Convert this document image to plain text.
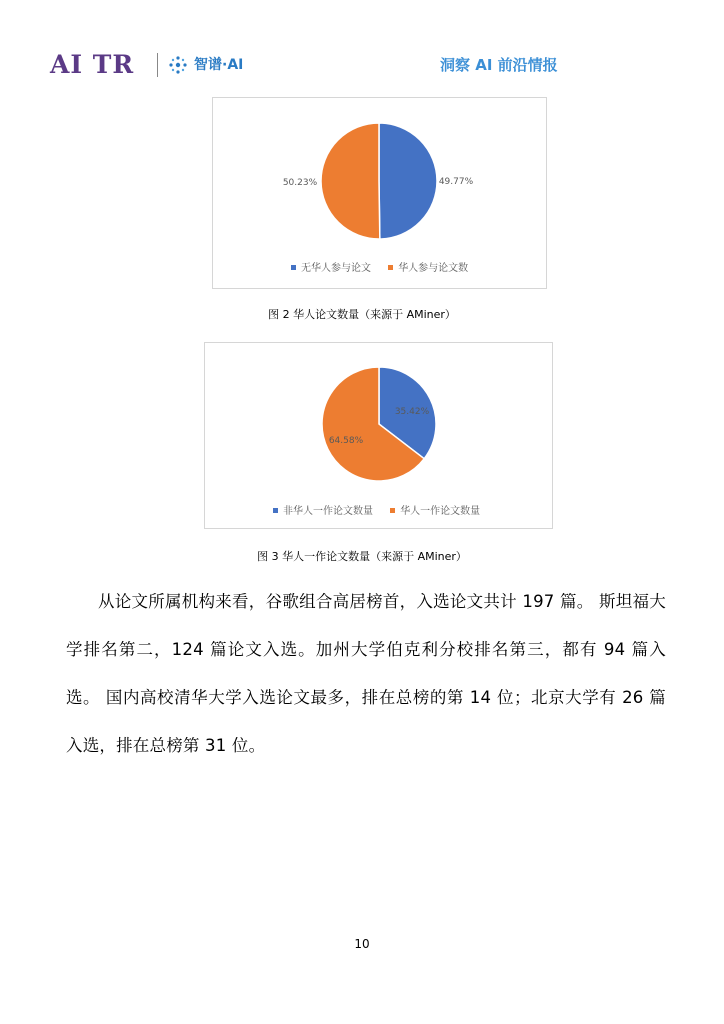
AI TR	智谱·AI	洞察 AI 前沿情报
49.77%
50.23%
无华人参与论文	华人参与论文数
图 2 华人论文数量（来源于 AMiner）
35.42%
64.58%
非华人一作论文数量	华人一作论文数量
图 3 华人一作论文数量（来源于 AMiner）
从论文所属机构来看，谷歌组合高居榜首，入选论文共计 197 篇。 斯坦福大学排名第二，124 篇论文入选。加州大学伯克利分校排名第三，都有 94 篇入选。 国内高校清华大学入选论文最多，排在总榜的第 14 位；北京大学有 26 篇入选，排在总榜第 31 位。
10
